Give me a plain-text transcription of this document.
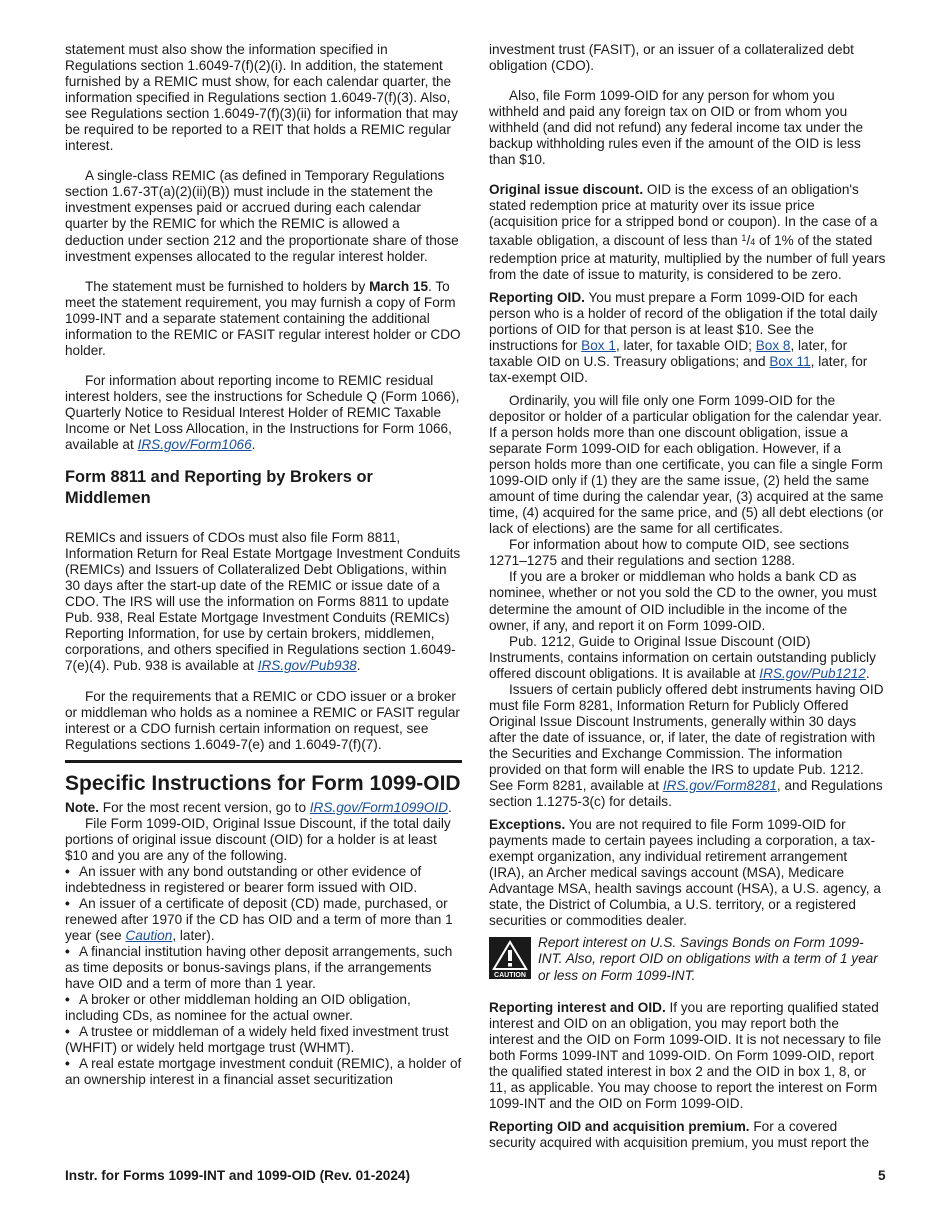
statement must also show the information specified in Regulations section 1.6049-7(f)(2)(i). In addition, the statement furnished by a REMIC must show, for each calendar quarter, the information specified in Regulations section 1.6049-7(f)(3). Also, see Regulations section 1.6049-7(f)(3)(ii) for information that may be required to be reported to a REIT that holds a REMIC regular interest.

A single-class REMIC (as defined in Temporary Regulations section 1.67-3T(a)(2)(ii)(B)) must include in the statement the investment expenses paid or accrued during each calendar quarter by the REMIC for which the REMIC is allowed a deduction under section 212 and the proportionate share of those investment expenses allocated to the regular interest holder.

The statement must be furnished to holders by March 15. To meet the statement requirement, you may furnish a copy of Form 1099-INT and a separate statement containing the additional information to the REMIC or FASIT regular interest holder or CDO holder.

For information about reporting income to REMIC residual interest holders, see the instructions for Schedule Q (Form 1066), Quarterly Notice to Residual Interest Holder of REMIC Taxable Income or Net Loss Allocation, in the Instructions for Form 1066, available at IRS.gov/Form1066.

Form 8811 and Reporting by Brokers or Middlemen

REMICs and issuers of CDOs must also file Form 8811, Information Return for Real Estate Mortgage Investment Conduits (REMICs) and Issuers of Collateralized Debt Obligations, within 30 days after the start-up date of the REMIC or issue date of a CDO. The IRS will use the information on Forms 8811 to update Pub. 938, Real Estate Mortgage Investment Conduits (REMICs) Reporting Information, for use by certain brokers, middlemen, corporations, and others specified in Regulations section 1.6049-7(e)(4). Pub. 938 is available at IRS.gov/Pub938.

For the requirements that a REMIC or CDO issuer or a broker or middleman who holds as a nominee a REMIC or FASIT regular interest or a CDO furnish certain information on request, see Regulations sections 1.6049-7(e) and 1.6049-7(f)(7).

Specific Instructions for Form 1099-OID

Note. For the most recent version, go to IRS.gov/Form1099OID.

File Form 1099-OID, Original Issue Discount, if the total daily portions of original issue discount (OID) for a holder is at least $10 and you are any of the following.

• An issuer with any bond outstanding or other evidence of indebtedness in registered or bearer form issued with OID.

• An issuer of a certificate of deposit (CD) made, purchased, or renewed after 1970 if the CD has OID and a term of more than 1 year (see Caution, later).

• A financial institution having other deposit arrangements, such as time deposits or bonus-savings plans, if the arrangements have OID and a term of more than 1 year.

• A broker or other middleman holding an OID obligation, including CDs, as nominee for the actual owner.

• A trustee or middleman of a widely held fixed investment trust (WHFIT) or widely held mortgage trust (WHMT).

• A real estate mortgage investment conduit (REMIC), a holder of an ownership interest in a financial asset securitization

investment trust (FASIT), or an issuer of a collateralized debt obligation (CDO).

Also, file Form 1099-OID for any person for whom you withheld and paid any foreign tax on OID or from whom you withheld (and did not refund) any federal income tax under the backup withholding rules even if the amount of the OID is less than $10.

Original issue discount. OID is the excess of an obligation's stated redemption price at maturity over its issue price (acquisition price for a stripped bond or coupon). In the case of a taxable obligation, a discount of less than $^1$/4 of 1% of the stated redemption price at maturity, multiplied by the number of full years from the date of issue to maturity, is considered to be zero.

Reporting OID. You must prepare a Form 1099-OID for each person who is a holder of record of the obligation if the total daily portions of OID for that person is at least $10. See the instructions for Box 1, later, for taxable OID; Box 8, later, for taxable OID on U.S. Treasury obligations; and Box 11, later, for tax-exempt OID.

Ordinarily, you will file only one Form 1099-OID for the depositor or holder of a particular obligation for the calendar year. If a person holds more than one discount obligation, issue a separate Form 1099-OID for each obligation. However, if a person holds more than one certificate, you can file a single Form 1099-OID only if (1) they are the same issue, (2) held the same amount of time during the calendar year, (3) acquired at the same time, (4) acquired for the same price, and (5) all debt elections (or lack of elections) are the same for all certificates.

For information about how to compute OID, see sections 1271–1275 and their regulations and section 1288.

If you are a broker or middleman who holds a bank CD as nominee, whether or not you sold the CD to the owner, you must determine the amount of OID includible in the income of the owner, if any, and report it on Form 1099-OID.

Pub. 1212, Guide to Original Issue Discount (OID) Instruments, contains information on certain outstanding publicly offered discount obligations. It is available at IRS.gov/Pub1212.

Issuers of certain publicly offered debt instruments having OID must file Form 8281, Information Return for Publicly Offered Original Issue Discount Instruments, generally within 30 days after the date of issuance, or, if later, the date of registration with the Securities and Exchange Commission. The information provided on that form will enable the IRS to update Pub. 1212. See Form 8281, available at IRS.gov/Form8281, and Regulations section 1.1275-3(c) for details.

Exceptions. You are not required to file Form 1099-OID for payments made to certain payees including a corporation, a tax-exempt organization, any individual retirement arrangement (IRA), an Archer medical savings account (MSA), Medicare Advantage MSA, health savings account (HSA), a U.S. agency, a state, the District of Columbia, a U.S. territory, or a registered securities or commodities dealer.

CAUTION

Report interest on U.S. Savings Bonds on Form 1099-INT. Also, report OID on obligations with a term of 1 year or less on Form 1099-INT.

Reporting interest and OID. If you are reporting qualified stated interest and OID on an obligation, you may report both the interest and the OID on Form 1099-OID. It is not necessary to file both Forms 1099-INT and 1099-OID. On Form 1099-OID, report the qualified stated interest in box 2 and the OID in box 1, 8, or 11, as applicable. You may choose to report the interest on Form 1099-INT and the OID on Form 1099-OID.

Reporting OID and acquisition premium. For a covered security acquired with acquisition premium, you must report the

Instr. for Forms 1099-INT and 1099-OID (Rev. 01-2024)	5
